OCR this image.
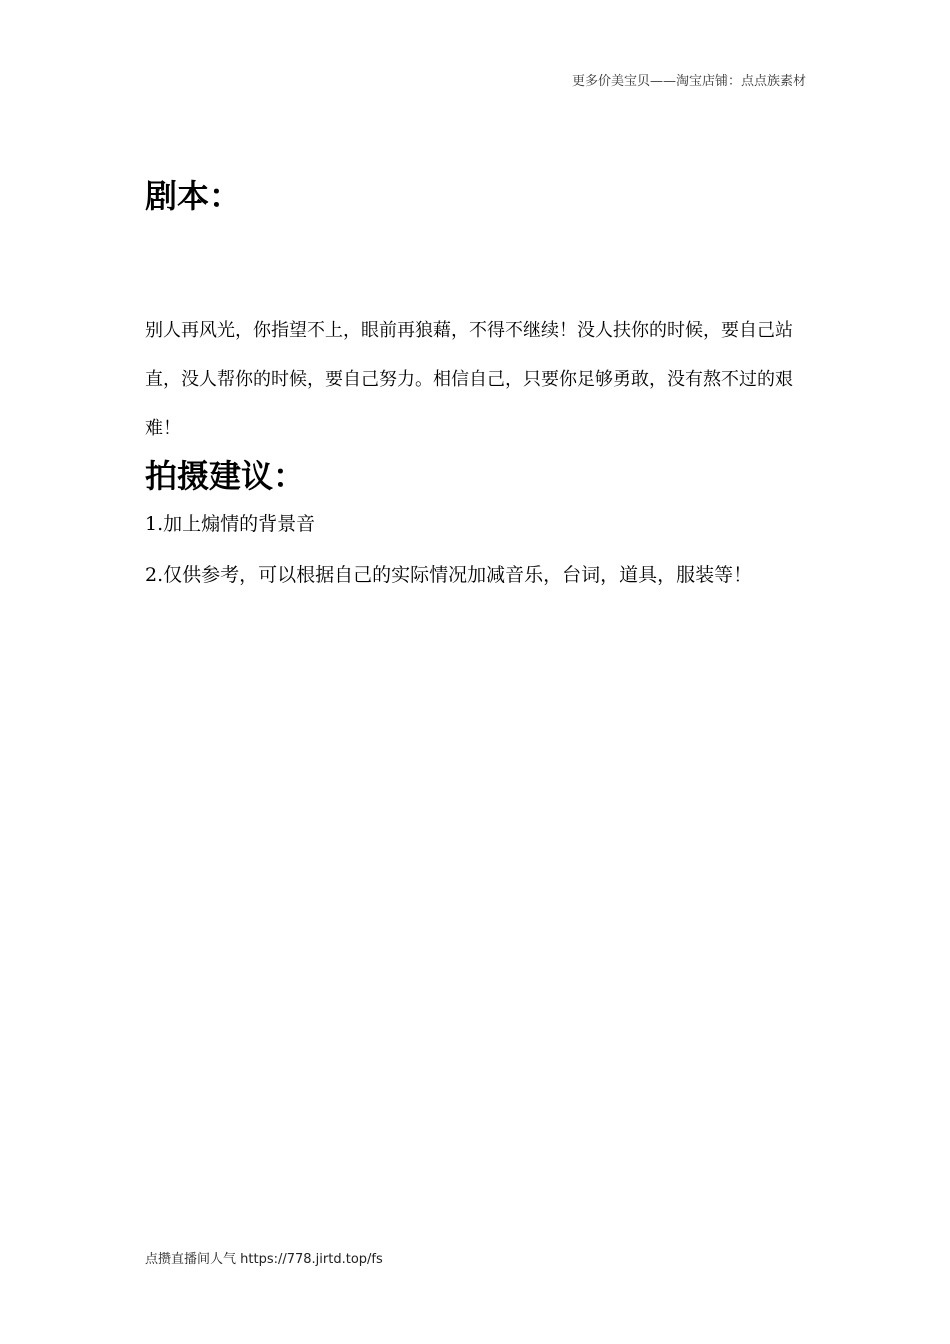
更多价美宝贝——淘宝店铺：点点族素材
剧本：

别人再风光，你指望不上，眼前再狼藉，不得不继续！没人扶你的时候，要自己站直，没人帮你的时候，要自己努力。相信自己，只要你足够勇敢，没有熬不过的艰难！

拍摄建议：
1.加上煽情的背景音
2.仅供参考，可以根据自己的实际情况加减音乐，台词，道具，服装等！
点攒直播间人气 https://778.jirtd.top/fs
